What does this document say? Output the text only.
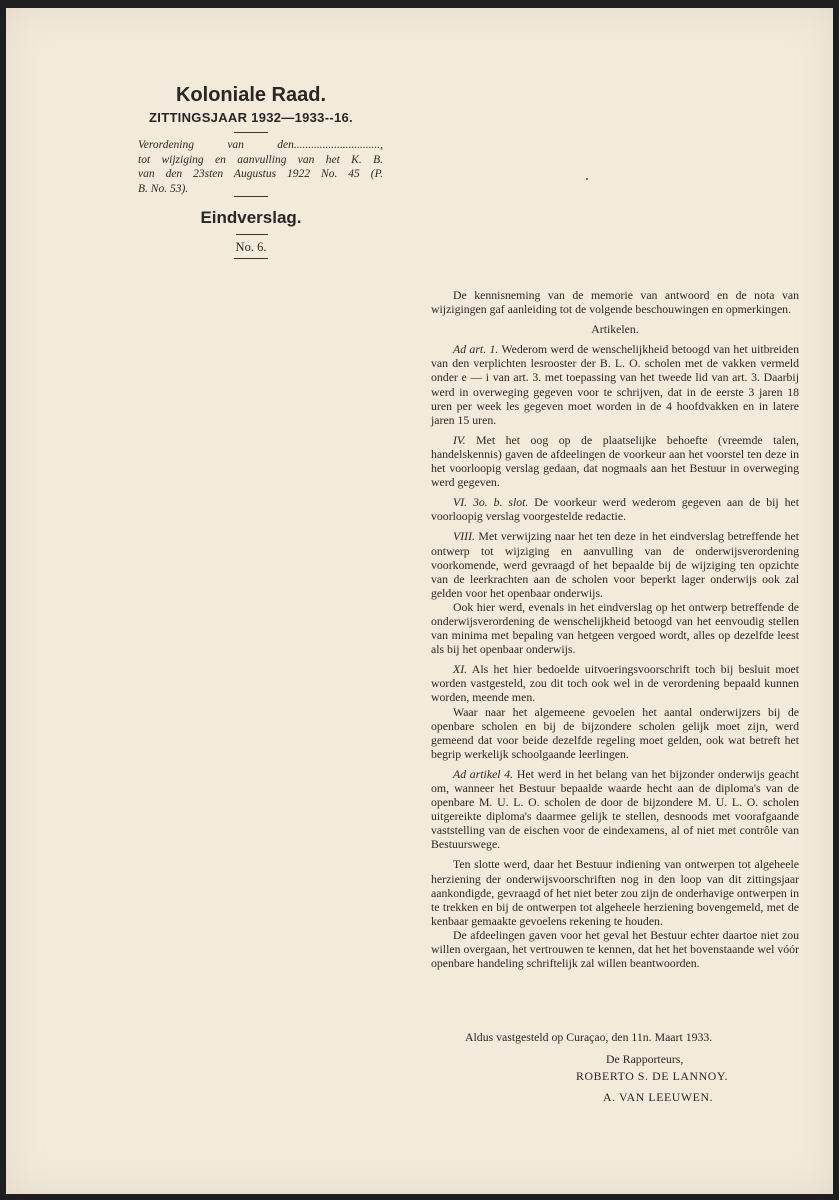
Koloniale Raad.
ZITTINGSJAAR 1932—1933--16.
Verordening van den..............................,
tot wijziging en aanvulling van het K. B.
van den 23sten Augustus 1922 No. 45 (P.
B. No. 53).
Eindverslag.
No. 6.

De kennisneming van de memorie van antwoord en de nota van wijzigingen gaf aanleiding tot de volgende beschouwingen en opmerkingen.

Artikelen.

Ad art. 1. Wederom werd de wenschelijkheid betoogd van het uitbreiden van den verplichten lesrooster der B. L. O. scholen met de vakken vermeld onder e — i van art. 3. met toepassing van het tweede lid van art. 3. Daarbij werd in overweging gegeven voor te schrijven, dat in de eerste 3 jaren 18 uren per week les gegeven moet worden in de 4 hoofdvakken en in latere jaren 15 uren.

IV. Met het oog op de plaatselijke behoefte (vreemde talen, handelskennis) gaven de afdeelingen de voorkeur aan het voorstel ten deze in het voorloopig verslag gedaan, dat nogmaals aan het Bestuur in overweging werd gegeven.

VI. 3o. b. slot. De voorkeur werd wederom gegeven aan de bij het voorloopig verslag voorgestelde redactie.

VIII. Met verwijzing naar het ten deze in het eindverslag betreffende het ontwerp tot wijziging en aanvulling van de onderwijsverordening voorkomende, werd gevraagd of het bepaalde bij de wijziging ten opzichte van de leerkrachten aan de scholen voor beperkt lager onderwijs ook zal gelden voor het openbaar onderwijs.

Ook hier werd, evenals in het eindverslag op het ontwerp betreffende de onderwijsverordening de wenschelijkheid betoogd van het eenvoudig stellen van minima met bepaling van hetgeen vergoed wordt, alles op dezelfde leest als bij het openbaar onderwijs.

XI. Als het hier bedoelde uitvoeringsvoorschrift toch bij besluit moet worden vastgesteld, zou dit toch ook wel in de verordening bepaald kunnen worden, meende men.

Waar naar het algemeene gevoelen het aantal onderwijzers bij de openbare scholen en bij de bijzondere scholen gelijk moet zijn, werd gemeend dat voor beide dezelfde regeling moet gelden, ook wat betreft het begrip werkelijk schoolgaande leerlingen.

Ad artikel 4. Het werd in het belang van het bijzonder onderwijs geacht om, wanneer het Bestuur bepaalde waarde hecht aan de diploma's van de openbare M. U. L. O. scholen de door de bijzondere M. U. L. O. scholen uitgereikte diploma's daarmee gelijk te stellen, desnoods met voorafgaande vaststelling van de eischen voor de eindexamens, al of niet met contrôle van Bestuurswege.

Ten slotte werd, daar het Bestuur indiening van ontwerpen tot algeheele herziening der onderwijsvoorschriften nog in den loop van dit zittingsjaar aankondigde, gevraagd of het niet beter zou zijn de onderhavige ontwerpen in te trekken en bij de ontwerpen tot algeheele herziening bovengemeld, met de kenbaar gemaakte gevoelens rekening te houden.

De afdeelingen gaven voor het geval het Bestuur echter daartoe niet zou willen overgaan, het vertrouwen te kennen, dat het het bovenstaande wel vóór openbare handeling schriftelijk zal willen beantwoorden.

Aldus vastgesteld op Curaçao, den 11n. Maart 1933.
De Rapporteurs,
ROBERTO S. DE LANNOY.
A. VAN LEEUWEN.
